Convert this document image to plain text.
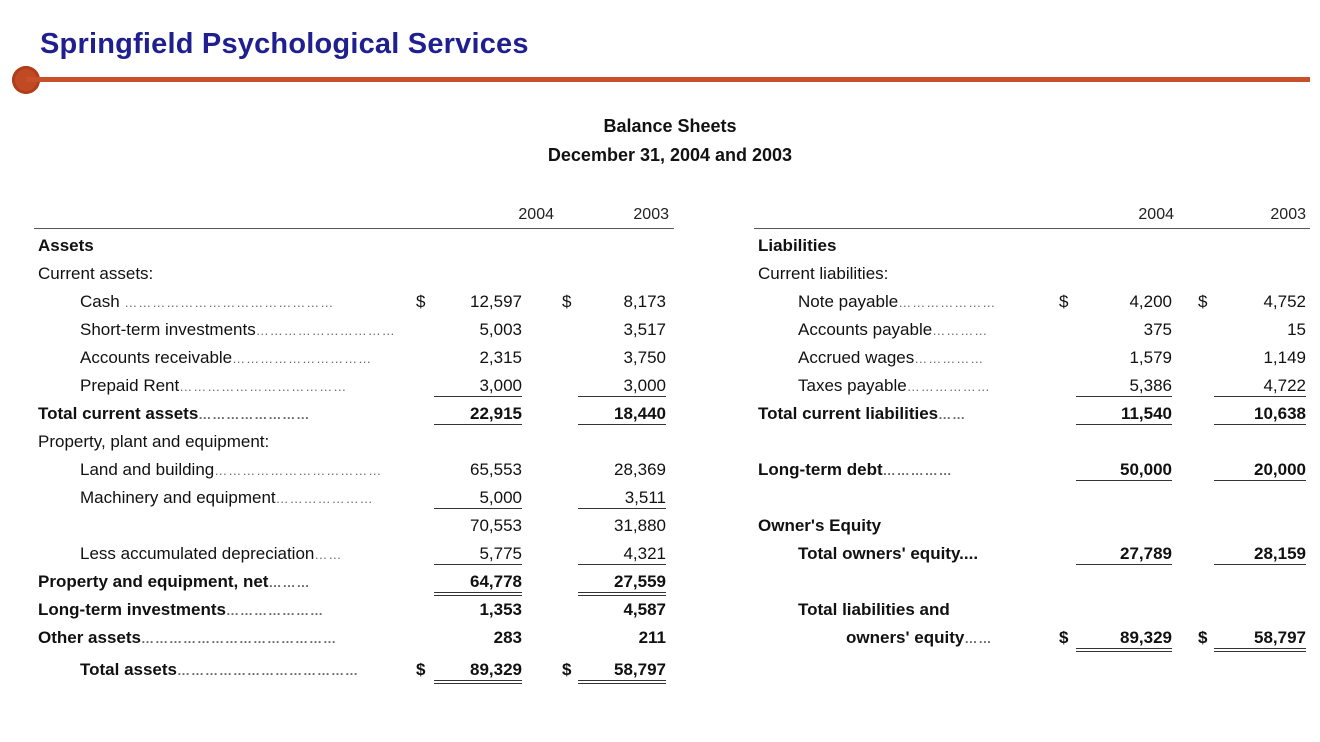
Springfield Psychological Services
Balance Sheets
December 31, 2004 and 2003
2004	2003
Assets
Current assets:
Cash ………………………………………	$	12,597 $	8,173
Short-term investments…………………………	5,003	3,517
Accounts receivable…………………………	2,315	3,750
Prepaid Rent………………………………	3,000	3,000
Total current assets……………………	22,915	18,440
Property, plant and equipment:
Land and building………………………………	65,553	28,369
Machinery and equipment…………………	5,000	3,511
70,553	31,880
Less accumulated depreciation……	5,775	4,321
Property and equipment, net………	64,778	27,559
Long-term investments…………………	1,353	4,587
Other assets……………………………………	283	211
Total assets…………………………………	$	89,329 $	58,797
2004	2003
Liabilities
Current liabilities:
Note payable…………………	$	4,200 $	4,752
Accounts payable…………	375	15
Accrued wages……………	1,579	1,149
Taxes payable………………	5,386	4,722
Total current liabilities……	11,540	10,638
Long-term debt……………	50,000	20,000
Owner's Equity
Total owners' equity....	27,789	28,159
Total liabilities and
owners' equity……	$	89,329 $	58,797
